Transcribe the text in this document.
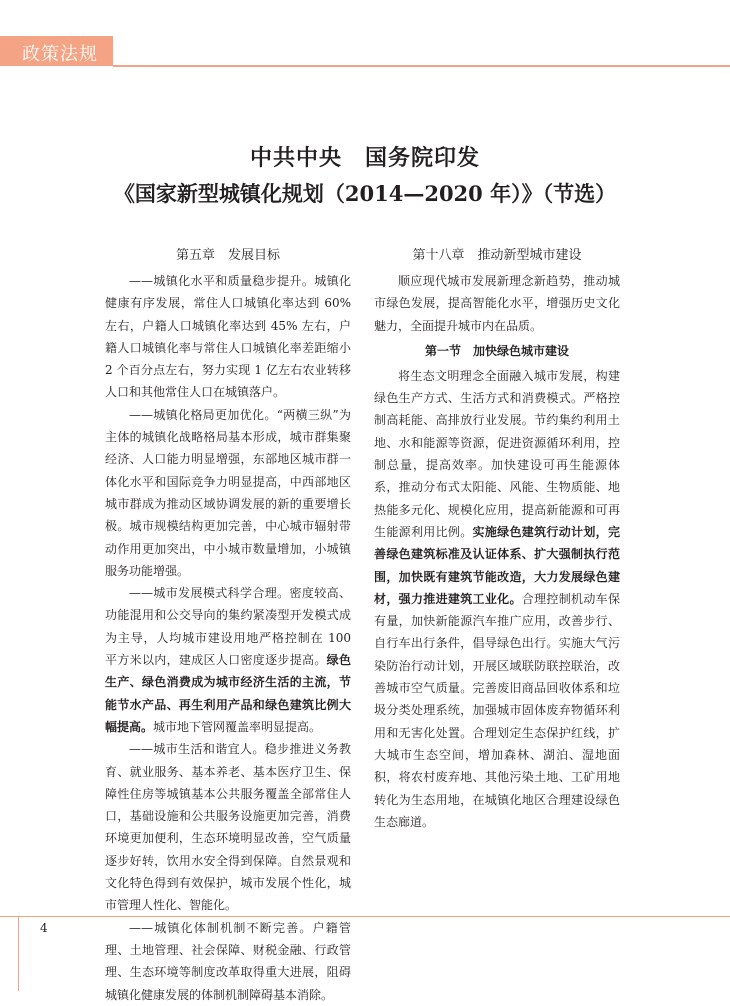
政策法规
中共中央　国务院印发
《国家新型城镇化规划（2014—2020 年）》（节选）
第五章　发展目标

——城镇化水平和质量稳步提升。城镇化健康有序发展，常住人口城镇化率达到 60% 左右，户籍人口城镇化率达到 45% 左右，户籍人口城镇化率与常住人口城镇化率差距缩小 2 个百分点左右，努力实现 1 亿左右农业转移人口和其他常住人口在城镇落户。

——城镇化格局更加优化。“两横三纵”为主体的城镇化战略格局基本形成，城市群集聚经济、人口能力明显增强，东部地区城市群一体化水平和国际竞争力明显提高，中西部地区城市群成为推动区域协调发展的新的重要增长极。城市规模结构更加完善，中心城市辐射带动作用更加突出，中小城市数量增加，小城镇服务功能增强。

——城市发展模式科学合理。密度较高、功能混用和公交导向的集约紧凑型开发模式成为主导，人均城市建设用地严格控制在 100 平方米以内，建成区人口密度逐步提高。绿色生产、绿色消费成为城市经济生活的主流，节能节水产品、再生利用产品和绿色建筑比例大幅提高。城市地下管网覆盖率明显提高。

——城市生活和谐宜人。稳步推进义务教育、就业服务、基本养老、基本医疗卫生、保障性住房等城镇基本公共服务覆盖全部常住人口，基础设施和公共服务设施更加完善，消费环境更加便利，生态环境明显改善，空气质量逐步好转，饮用水安全得到保障。自然景观和文化特色得到有效保护，城市发展个性化，城市管理人性化、智能化。

——城镇化体制机制不断完善。户籍管理、土地管理、社会保障、财税金融、行政管理、生态环境等制度改革取得重大进展，阻碍城镇化健康发展的体制机制障碍基本消除。

第十八章　推动新型城市建设

顺应现代城市发展新理念新趋势，推动城市绿色发展，提高智能化水平，增强历史文化魅力，全面提升城市内在品质。

第一节　加快绿色城市建设

将生态文明理念全面融入城市发展，构建绿色生产方式、生活方式和消费模式。严格控制高耗能、高排放行业发展。节约集约利用土地、水和能源等资源，促进资源循环利用，控制总量，提高效率。加快建设可再生能源体系，推动分布式太阳能、风能、生物质能、地热能多元化、规模化应用，提高新能源和可再生能源利用比例。实施绿色建筑行动计划，完善绿色建筑标准及认证体系、扩大强制执行范围，加快既有建筑节能改造，大力发展绿色建材，强力推进建筑工业化。合理控制机动车保有量，加快新能源汽车推广应用，改善步行、自行车出行条件，倡导绿色出行。实施大气污染防治行动计划，开展区域联防联控联治，改善城市空气质量。完善废旧商品回收体系和垃圾分类处理系统，加强城市固体废弃物循环利用和无害化处置。合理划定生态保护红线，扩大城市生态空间，增加森林、湖泊、湿地面积，将农村废弃地、其他污染土地、工矿用地转化为生态用地，在城镇化地区合理建设绿色生态廊道。

4
